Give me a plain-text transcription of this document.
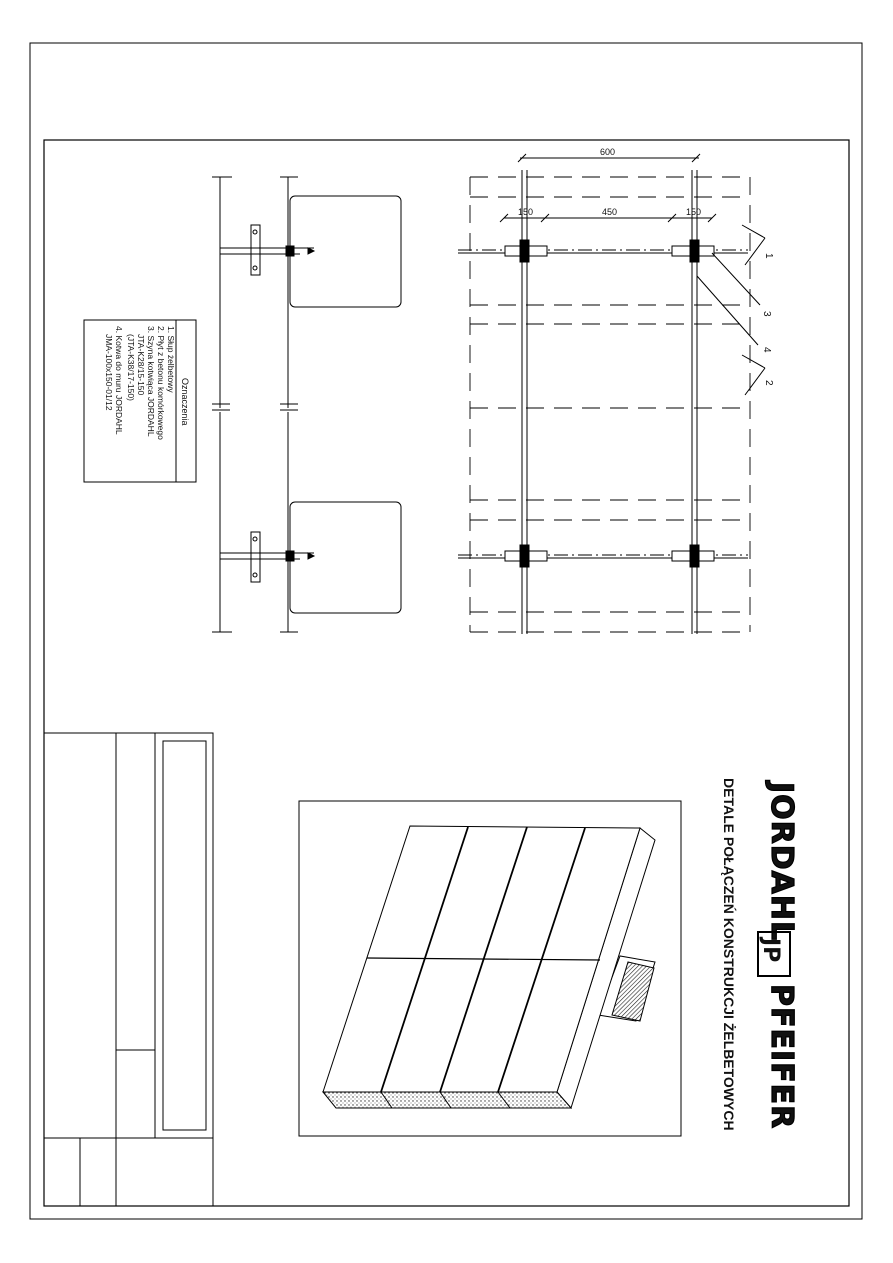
Oznaczenia
1. Słup żelbetowy
2. Płyt z betonu komórkowego
3. Szyna kotwiąca JORDAHL
JTA-K28/15-150
(JTA-K38/17-150)
4. Kotwa do muru JORDAHL
JMA-100x150-01/12
600
150	450	150
1
3
4
2
JORDAHL
JP
PFEIFER
DETALE POŁĄCZEŃ KONSTRUKCJI ŻELBETOWYCH
